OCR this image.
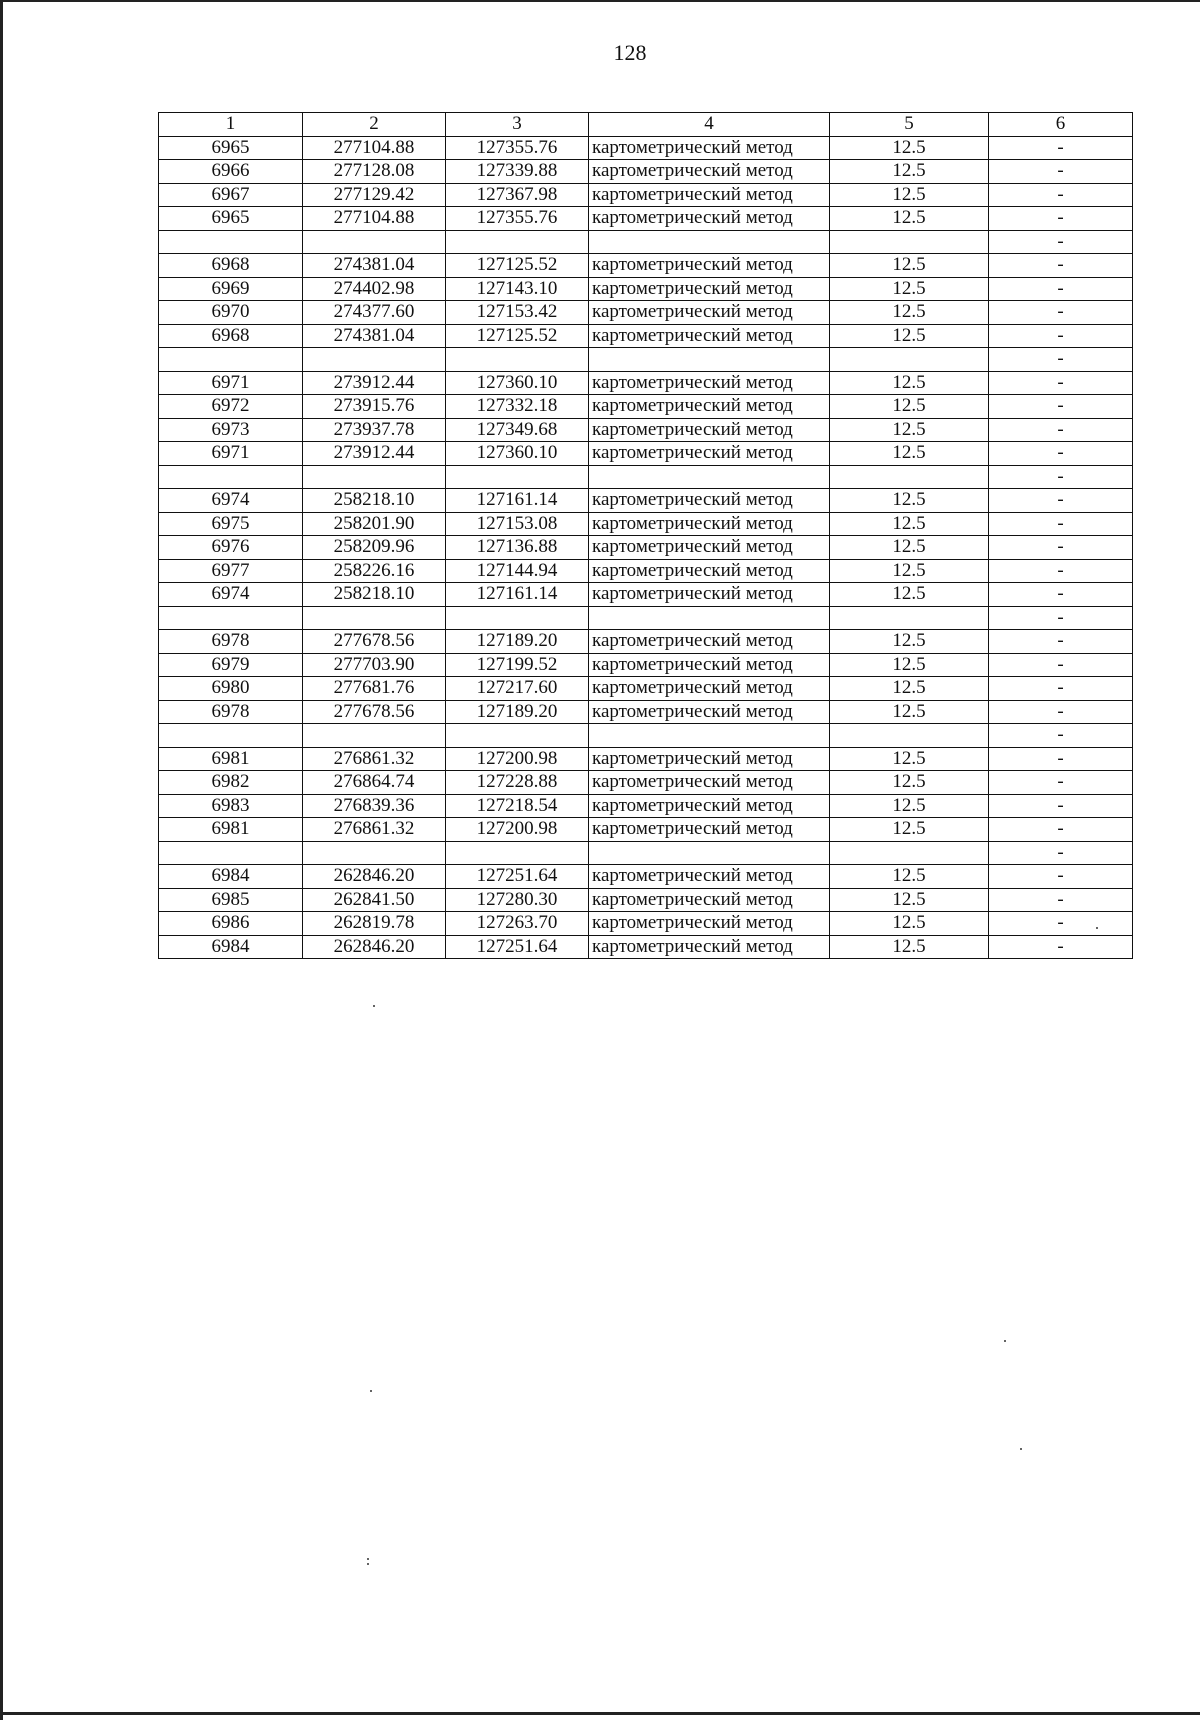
128
1	2	3	4	5	6
6965	277104.88	127355.76	картометрический метод	12.5	-
6966	277128.08	127339.88	картометрический метод	12.5	-
6967	277129.42	127367.98	картометрический метод	12.5	-
6965	277104.88	127355.76	картометрический метод	12.5	-
					-
6968	274381.04	127125.52	картометрический метод	12.5	-
6969	274402.98	127143.10	картометрический метод	12.5	-
6970	274377.60	127153.42	картометрический метод	12.5	-
6968	274381.04	127125.52	картометрический метод	12.5	-
					-
6971	273912.44	127360.10	картометрический метод	12.5	-
6972	273915.76	127332.18	картометрический метод	12.5	-
6973	273937.78	127349.68	картометрический метод	12.5	-
6971	273912.44	127360.10	картометрический метод	12.5	-
					-
6974	258218.10	127161.14	картометрический метод	12.5	-
6975	258201.90	127153.08	картометрический метод	12.5	-
6976	258209.96	127136.88	картометрический метод	12.5	-
6977	258226.16	127144.94	картометрический метод	12.5	-
6974	258218.10	127161.14	картометрический метод	12.5	-
					-
6978	277678.56	127189.20	картометрический метод	12.5	-
6979	277703.90	127199.52	картометрический метод	12.5	-
6980	277681.76	127217.60	картометрический метод	12.5	-
6978	277678.56	127189.20	картометрический метод	12.5	-
					-
6981	276861.32	127200.98	картометрический метод	12.5	-
6982	276864.74	127228.88	картометрический метод	12.5	-
6983	276839.36	127218.54	картометрический метод	12.5	-
6981	276861.32	127200.98	картометрический метод	12.5	-
					-
6984	262846.20	127251.64	картометрический метод	12.5	-
6985	262841.50	127280.30	картометрический метод	12.5	-
6986	262819.78	127263.70	картометрический метод	12.5	-
6984	262846.20	127251.64	картометрический метод	12.5	-
